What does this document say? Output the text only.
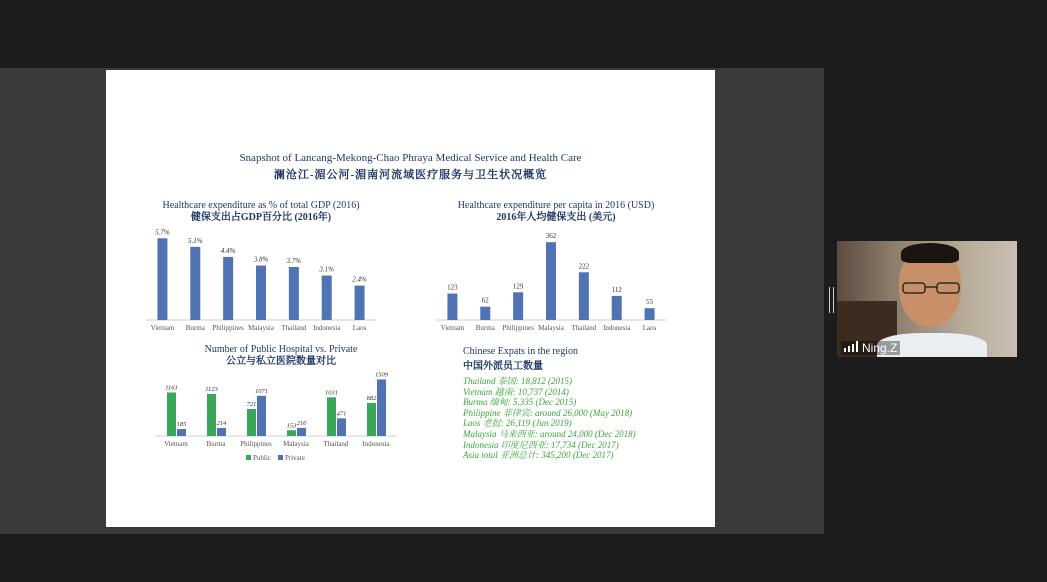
Snapshot of Lancang-Mekong-Chao Phraya Medical Service and Health Care
澜沧江-湄公河-湄南河流域医疗服务与卫生状况概览
Healthcare expenditure as % of total GDP (2016)
健保支出占GDP百分比 (2016年)
5.7%
Vietnam
5.1%
Burma
4.4%
Philippines
3.8%
Malaysia
3.7%
Thailand
3.1%
Indonesia
2.4%
Laos
Healthcare expenditure per capita in 2016 (USD)
2016年人均健保支出 (美元)
123
Vietnam
62
Burma
129
Philippines
362
Malaysia
222
Thailand
112
Indonesia
55
Laos
Number of Public Hospital vs. Private
公立与私立医院数量对比
1161
185
Vietnam
1123
214
Burma
721
1071
Philippines
153 216
Malaysia
1031
471
Thailand
882
1509
Indonesia
Public Private
Chinese Expats in the region
中国外派员工数量
Thailand 泰国: 18,812 (2015)
Vietnam 越南: 10,737 (2014)
Burma 缅甸: 5,335 (Dec 2015)
Philippine 菲律宾: around 26,000 (May 2018)
Laos 老挝: 26,119 (Jun 2019)
Malaysia 马来西亚: around 24,000 (Dec 2018)
Indonesia 印度尼西亚: 17,734 (Dec 2017)
Asia total 亚洲总计: 345,200 (Dec 2017)
Ning.Z
